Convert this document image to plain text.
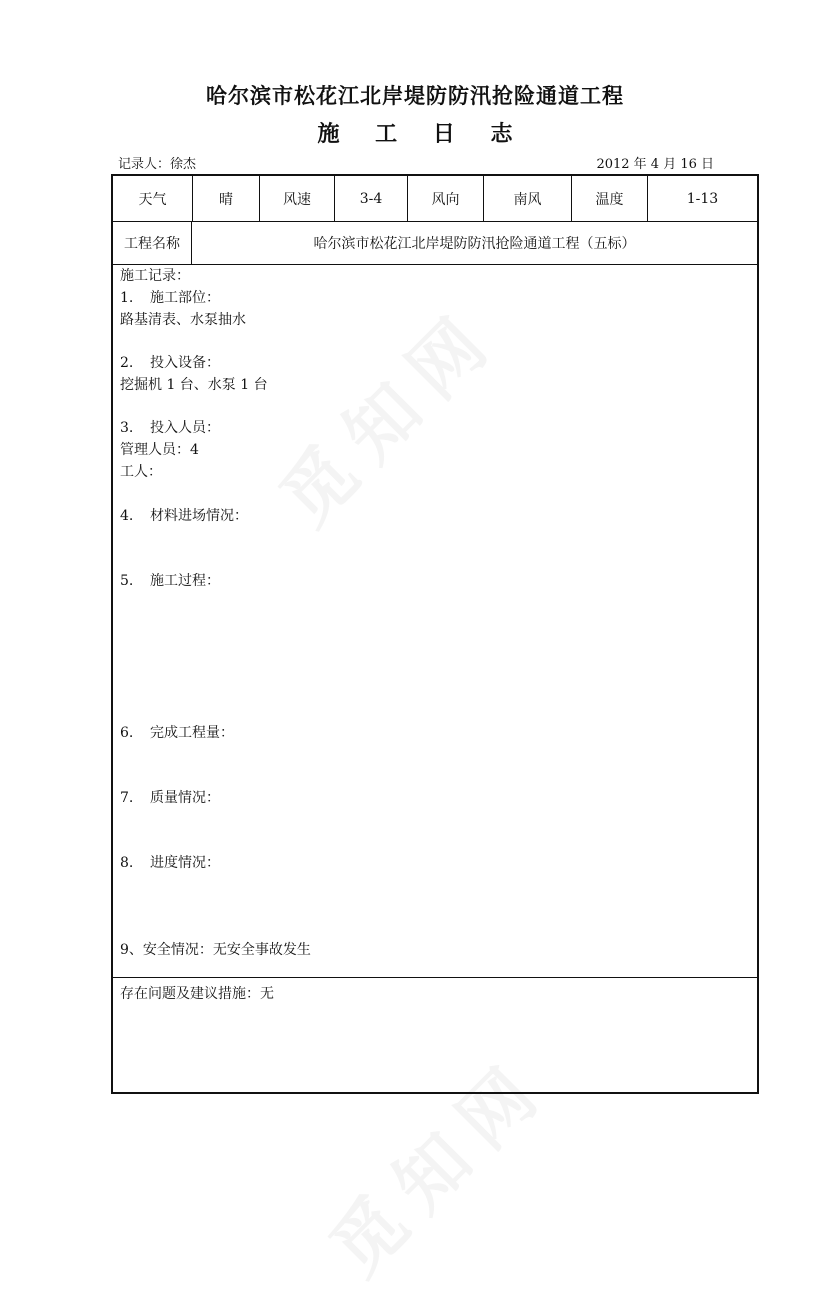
哈尔滨市松花江北岸堤防防汛抢险通道工程
施 工 日 志
记录人：徐杰	2012 年 4 月 16 日
天气	晴	风速	3-4	风向	南风	温度	1-13
工程名称	哈尔滨市松花江北岸堤防防汛抢险通道工程（五标）
施工记录：
1. 施工部位：
路基清表、水泵抽水
2. 投入设备：
挖掘机 1 台、水泵 1 台
3. 投入人员：
管理人员：4
工人：
4. 材料进场情况：
5. 施工过程：
6. 完成工程量：
7. 质量情况：
8. 进度情况：
9、安全情况：无安全事故发生
存在问题及建议措施：无
